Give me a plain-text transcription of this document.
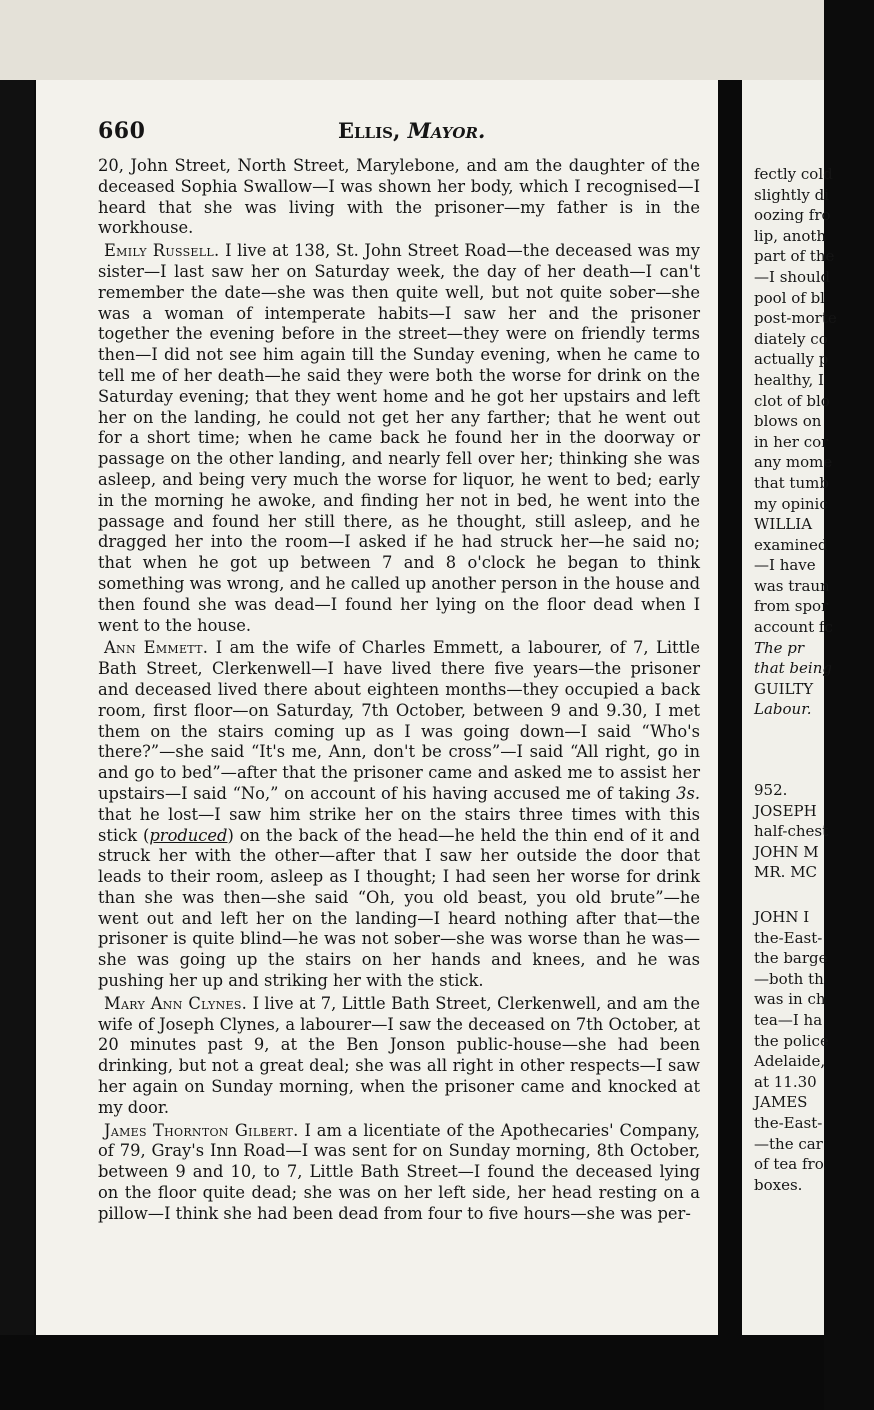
660	Ellis, Mayor.

20, John Street, North Street, Marylebone, and am the daughter of the deceased Sophia Swallow—I was shown her body, which I recognised—I heard that she was living with the prisoner—my father is in the workhouse.

Emily Russell. I live at 138, St. John Street Road—the deceased was my sister—I last saw her on Saturday week, the day of her death—I can't remember the date—she was then quite well, but not quite sober—she was a woman of intemperate habits—I saw her and the prisoner together the evening before in the street—they were on friendly terms then—I did not see him again till the Sunday evening, when he came to tell me of her death—he said they were both the worse for drink on the Saturday evening; that they went home and he got her upstairs and left her on the landing, he could not get her any farther; that he went out for a short time; when he came back he found her in the doorway or passage on the other landing, and nearly fell over her; thinking she was asleep, and being very much the worse for liquor, he went to bed; early in the morning he awoke, and finding her not in bed, he went into the passage and found her still there, as he thought, still asleep, and he dragged her into the room—I asked if he had struck her—he said no; that when he got up between 7 and 8 o'clock he began to think something was wrong, and he called up another person in the house and then found she was dead—I found her lying on the floor dead when I went to the house.

Ann Emmett. I am the wife of Charles Emmett, a labourer, of 7, Little Bath Street, Clerkenwell—I have lived there five years—the prisoner and deceased lived there about eighteen months—they occupied a back room, first floor—on Saturday, 7th October, between 9 and 9.30, I met them on the stairs coming up as I was going down—I said “Who's there?”—she said “It's me, Ann, don't be cross”—I said “All right, go in and go to bed”—after that the prisoner came and asked me to assist her upstairs—I said “No,” on account of his having accused me of taking 3s. that he lost—I saw him strike her on the stairs three times with this stick (produced) on the back of the head—he held the thin end of it and struck her with the other—after that I saw her outside the door that leads to their room, asleep as I thought; I had seen her worse for drink than she was then—she said “Oh, you old beast, you old brute”—he went out and left her on the landing—I heard nothing after that—the prisoner is quite blind—he was not sober—she was worse than he was—she was going up the stairs on her hands and knees, and he was pushing her up and striking her with the stick.

Mary Ann Clynes. I live at 7, Little Bath Street, Clerkenwell, and am the wife of Joseph Clynes, a labourer—I saw the deceased on 7th October, at 20 minutes past 9, at the Ben Jonson public-house—she had been drinking, but not a great deal; she was all right in other respects—I saw her again on Sunday morning, when the prisoner came and knocked at my door.

James Thornton Gilbert. I am a licentiate of the Apothecaries' Company, of 79, Gray's Inn Road—I was sent for on Sunday morning, 8th October, between 9 and 10, to 7, Little Bath Street—I found the deceased lying on the floor quite dead; she was on her left side, her head resting on a pillow—I think she had been dead from four to five hours—she was per-

fectly cold
slightly di
oozing fro
lip, anoth
part of the
—I should
pool of bl
post-morte
diately co
actually p
healthy, I
clot of blo
blows on
in her cor
any mome
that tumb
my opinic
WILLIA
examined
—I have
was traun
from spor
account fc
The pr
that being
GUILTY
Labour.
952.
JOSEPH
half-chest
JOHN M
MR. MC
JOHN I
the-East-
the barge
—both th
was in ch
tea—I ha
the police
Adelaide,
at 11.30
JAMES
the-East-
—the car
of tea fro
boxes.
